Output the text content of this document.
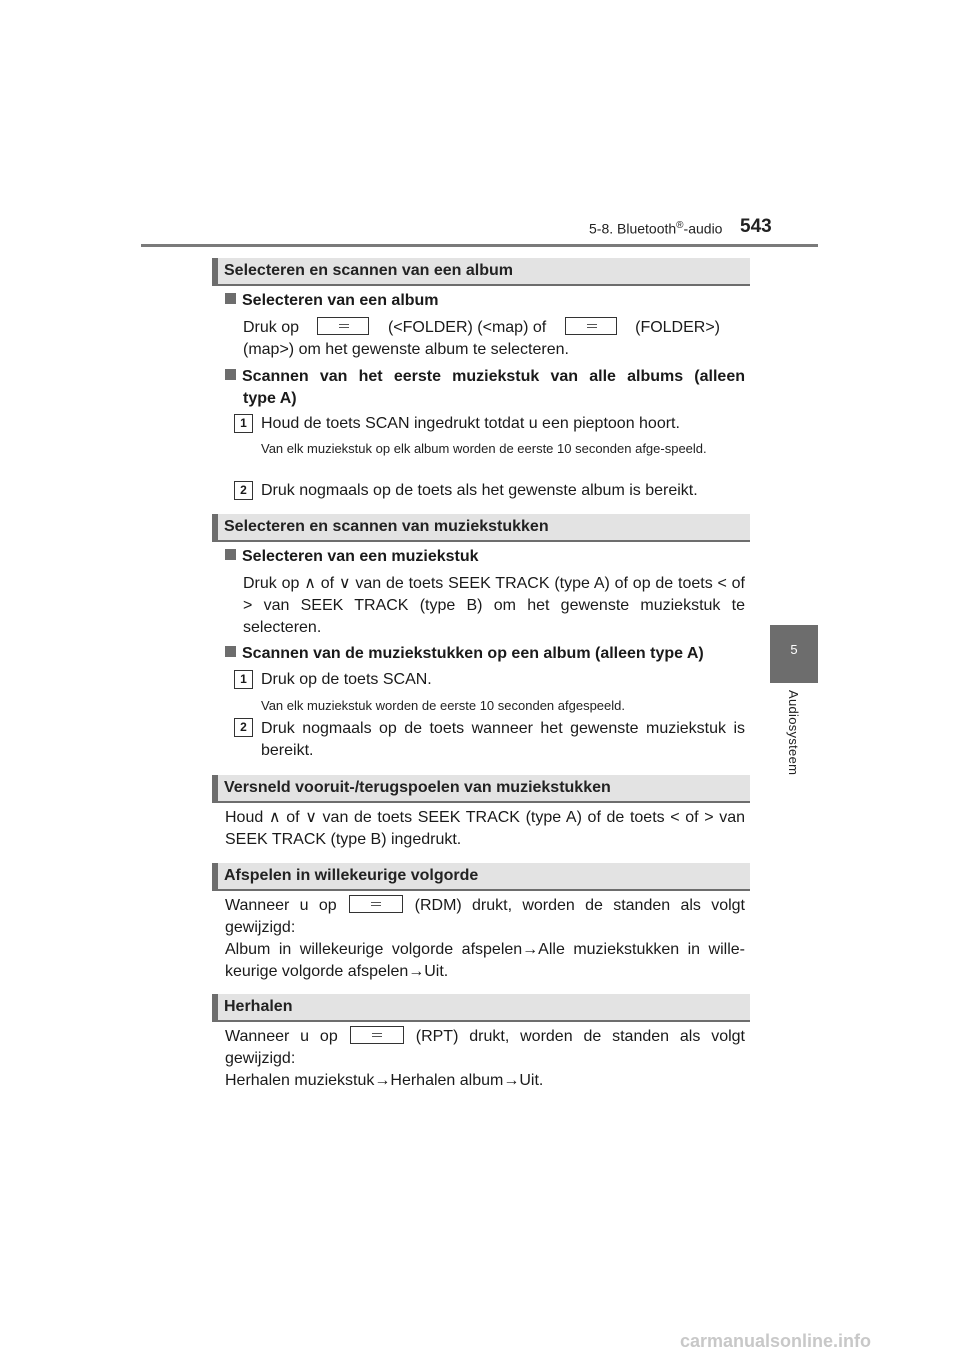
5-8. Bluetooth®-audio 543
5
Audiosysteem
Selecteren en scannen van een album
Selecteren van een album
Druk op	(<FOLDER) (<map) of	(FOLDER>)
(map>) om het gewenste album te selecteren.
Scannen van het eerste muziekstuk van alle albums (alleen
type A)
1 Houd de toets SCAN ingedrukt totdat u een pieptoon hoort.
Van elk muziekstuk op elk album worden de eerste 10 seconden afge-speeld.
2 Druk nogmaals op de toets als het gewenste album is bereikt.
Selecteren en scannen van muziekstukken
Selecteren van een muziekstuk
Druk op ∧ of ∨ van de toets SEEK TRACK (type A) of op de toets < of > van SEEK TRACK (type B) om het gewenste muziekstuk te selecteren.
Scannen van de muziekstukken op een album (alleen type A)
1 Druk op de toets SCAN.
Van elk muziekstuk worden de eerste 10 seconden afgespeeld.
2 Druk nogmaals op de toets wanneer het gewenste muziekstuk is bereikt.
Versneld vooruit-/terugspoelen van muziekstukken
Houd ∧ of ∨ van de toets SEEK TRACK (type A) of de toets < of > van SEEK TRACK (type B) ingedrukt.
Afspelen in willekeurige volgorde
Wanneer u op	(RDM) drukt, worden de standen als volgt gewijzigd:
Album in willekeurige volgorde afspelen→Alle muziekstukken in wille-keurige volgorde afspelen→Uit.
Herhalen
Wanneer u op	(RPT) drukt, worden de standen als volgt gewijzigd:
Herhalen muziekstuk→Herhalen album→Uit.
carmanualsonline.info
